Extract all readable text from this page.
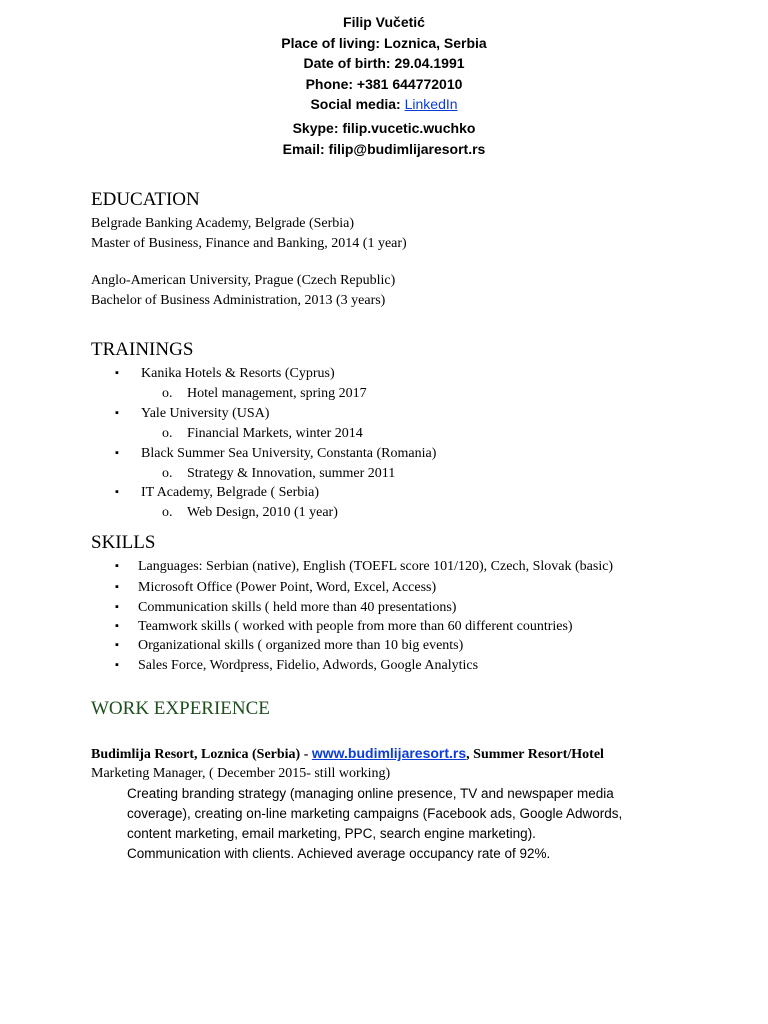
Filip Vučetić
Place of living: Loznica, Serbia
Date of birth: 29.04.1991
Phone: +381 644772010
Social media: LinkedIn
Skype: filip.vucetic.wuchko
Email: filip@budimlijaresort.rs
EDUCATION
Belgrade Banking Academy, Belgrade (Serbia)
Master of Business, Finance and Banking, 2014 (1 year)
Anglo-American University, Prague (Czech Republic)
Bachelor of Business Administration, 2013 (3 years)
TRAININGS
▪ Kanika Hotels & Resorts (Cyprus)
o. Hotel management, spring 2017
▪ Yale University (USA)
o. Financial Markets, winter 2014
▪ Black Summer Sea University, Constanta (Romania)
o. Strategy & Innovation, summer 2011
▪ IT Academy, Belgrade ( Serbia)
o. Web Design, 2010 (1 year)
SKILLS
▪ Languages: Serbian (native), English (TOEFL score 101/120), Czech, Slovak (basic)
▪ Microsoft Office (Power Point, Word, Excel, Access)
▪ Communication skills ( held more than 40 presentations)
▪ Teamwork skills ( worked with people from more than 60 different countries)
▪ Organizational skills ( organized more than 10 big events)
▪ Sales Force, Wordpress, Fidelio, Adwords, Google Analytics
WORK EXPERIENCE
Budimlija Resort, Loznica (Serbia) - www.budimlijaresort.rs, Summer Resort/Hotel
Marketing Manager, ( December 2015- still working)
Creating branding strategy (managing online presence, TV and newspaper media
coverage), creating on-line marketing campaigns (Facebook ads, Google Adwords,
content marketing, email marketing, PPC, search engine marketing).
Communication with clients. Achieved average occupancy rate of 92%.
